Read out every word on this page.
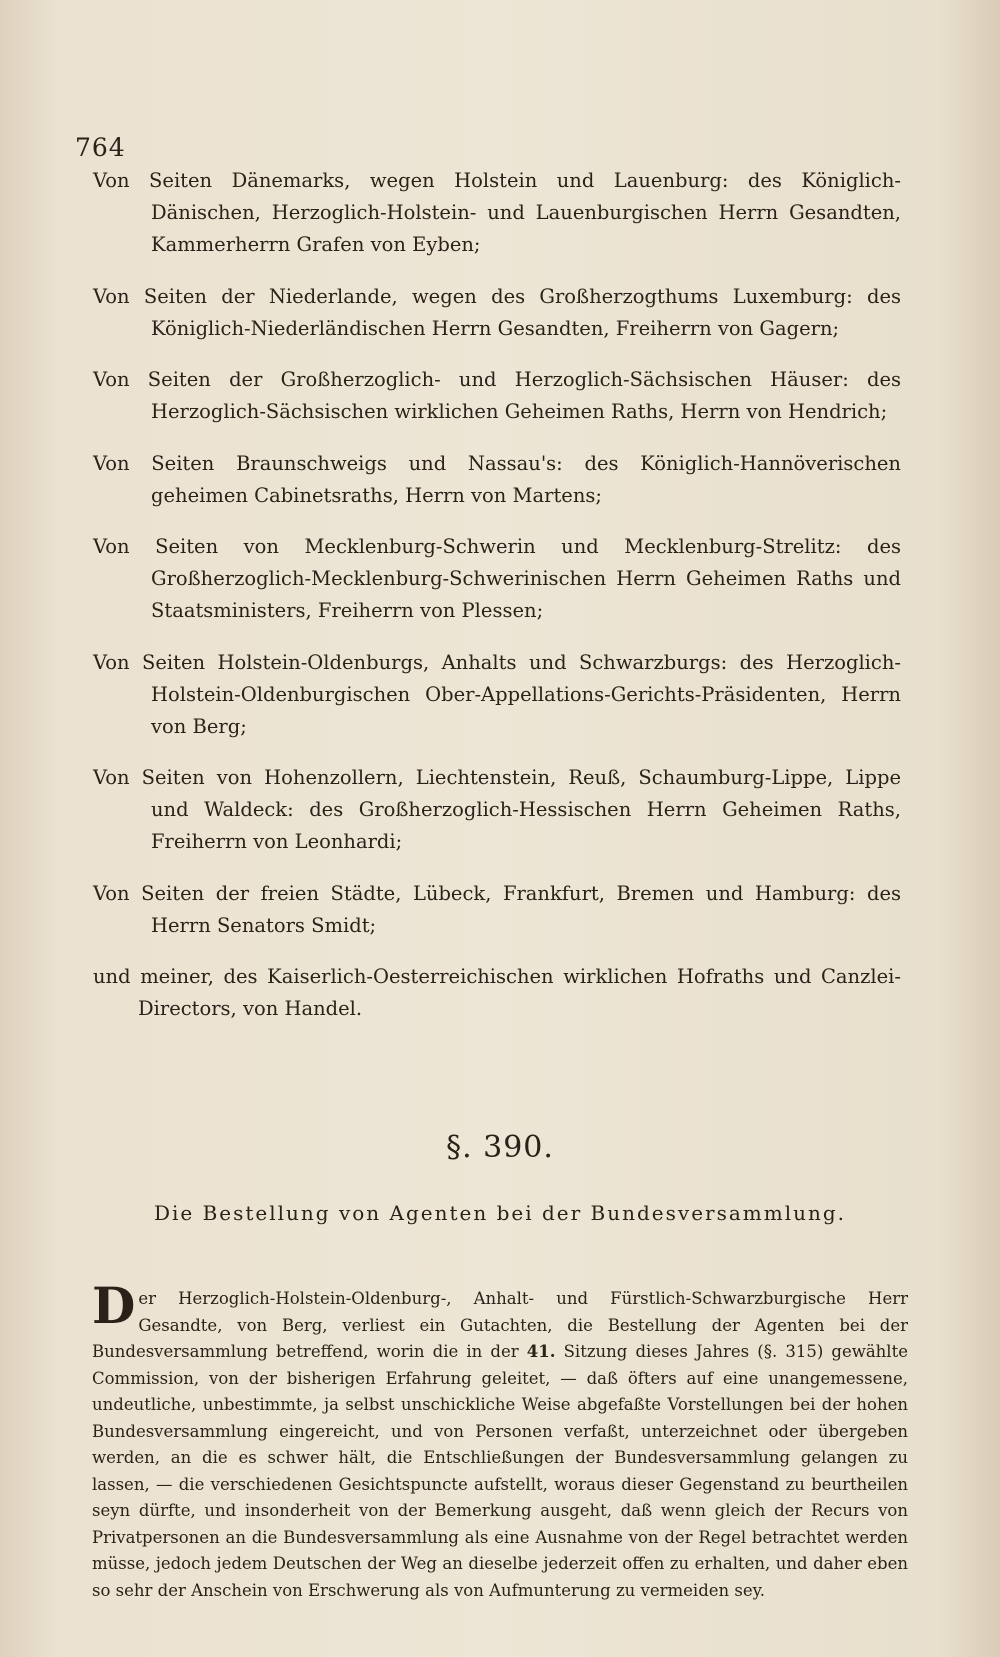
764

Von Seiten Dänemarks, wegen Holstein und Lauenburg: des Königlich-Dänischen, Herzoglich-Holstein- und Lauenburgischen Herrn Gesandten, Kammerherrn Grafen von Eyben;

Von Seiten der Niederlande, wegen des Großherzogthums Luxemburg: des Königlich-Niederländischen Herrn Gesandten, Freiherrn von Gagern;

Von Seiten der Großherzoglich- und Herzoglich-Sächsischen Häuser: des Herzoglich-Sächsischen wirklichen Geheimen Raths, Herrn von Hendrich;

Von Seiten Braunschweigs und Nassau's: des Königlich-Hannöverischen geheimen Cabinetsraths, Herrn von Martens;

Von Seiten von Mecklenburg-Schwerin und Mecklenburg-Strelitz: des Großherzoglich-Mecklenburg-Schwerinischen Herrn Geheimen Raths und Staatsministers, Freiherrn von Plessen;

Von Seiten Holstein-Oldenburgs, Anhalts und Schwarzburgs: des Herzoglich-Holstein-Oldenburgischen Ober-Appellations-Gerichts-Präsidenten, Herrn von Berg;

Von Seiten von Hohenzollern, Liechtenstein, Reuß, Schaumburg-Lippe, Lippe und Waldeck: des Großherzoglich-Hessischen Herrn Geheimen Raths, Freiherrn von Leonhardi;

Von Seiten der freien Städte, Lübeck, Frankfurt, Bremen und Hamburg: des Herrn Senators Smidt;

und meiner, des Kaiserlich-Oesterreichischen wirklichen Hofraths und Canzlei-Directors, von Handel.

§. 390.
Die Bestellung von Agenten bei der Bundesversammlung.
Der Herzoglich-Holstein-Oldenburg-, Anhalt- und Fürstlich-Schwarzburgische Herr Gesandte, von Berg, verliest ein Gutachten, die Bestellung der Agenten bei der Bundesversammlung betreffend, worin die in der 41. Sitzung dieses Jahres (§. 315) gewählte Commission, von der bisherigen Erfahrung geleitet, — daß öfters auf eine unangemessene, undeutliche, unbestimmte, ja selbst unschickliche Weise abgefaßte Vorstellungen bei der hohen Bundesversammlung eingereicht, und von Personen verfaßt, unterzeichnet oder übergeben werden, an die es schwer hält, die Entschließungen der Bundesversammlung gelangen zu lassen, — die verschiedenen Gesichtspuncte aufstellt, woraus dieser Gegenstand zu beurtheilen seyn dürfte, und insonderheit von der Bemerkung ausgeht, daß wenn gleich der Recurs von Privatpersonen an die Bundesversammlung als eine Ausnahme von der Regel betrachtet werden müsse, jedoch jedem Deutschen der Weg an dieselbe jederzeit offen zu erhalten, und daher eben so sehr der Anschein von Erschwerung als von Aufmunterung zu vermeiden sey.
